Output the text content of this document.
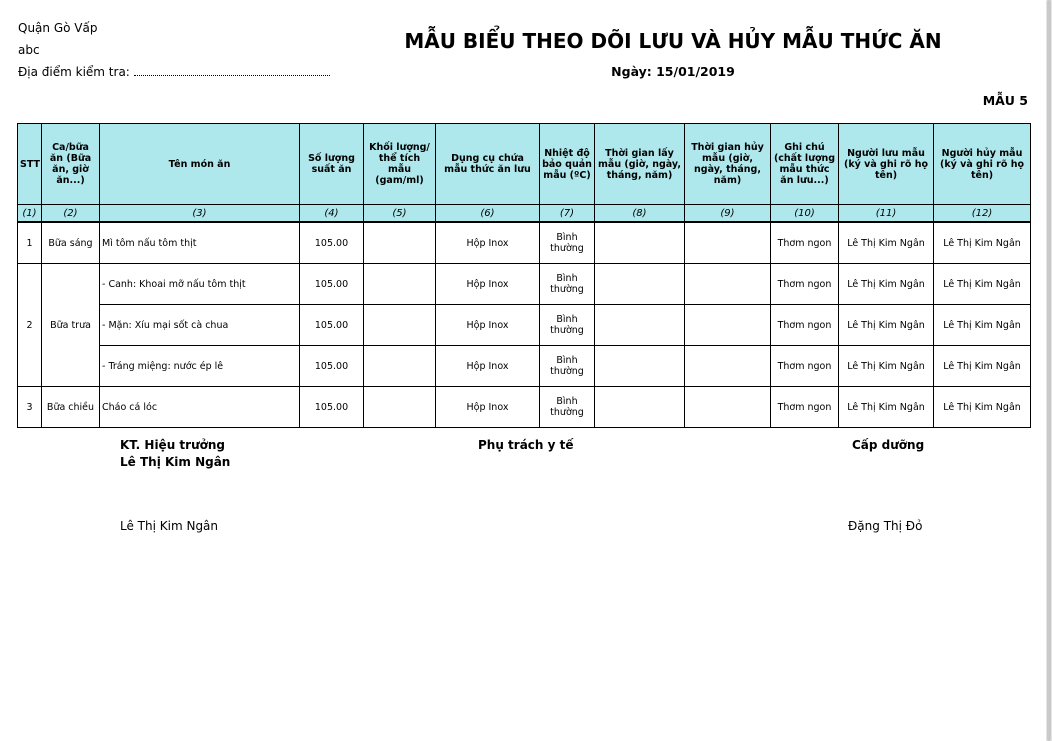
Quận Gò Vấp
abc
Địa điểm kiểm tra:
MẪU BIỂU THEO DÕI LƯU VÀ HỦY MẪU THỨC ĂN
Ngày: 15/01/2019
MẪU 5
STT	Ca/bữa ăn (Bữa ăn, giờ ăn...)	Tên món ăn	Số lượng suất ăn	Khối lượng/ thể tích mẫu (gam/ml)	Dụng cụ chứa mẫu thức ăn lưu	Nhiệt độ bảo quản mẫu (ºC)	Thời gian lấy mẫu (giờ, ngày, tháng, năm)	Thời gian hủy mẫu (giờ, ngày, tháng, năm)	Ghi chú (chất lượng mẫu thức ăn lưu...)	Người lưu mẫu (ký và ghi rõ họ tên)	Người hủy mẫu (ký và ghi rõ họ tên)
(1)	(2)	(3)	(4)	(5)	(6)	(7)	(8)	(9)	(10)	(11)	(12)
1	Bữa sáng	Mì tôm nấu tôm thịt	105.00		Hộp Inox	Bình thường			Thơm ngon	Lê Thị Kim Ngân	Lê Thị Kim Ngân
2	Bữa trưa	- Canh: Khoai mỡ nấu tôm thịt	105.00		Hộp Inox	Bình thường			Thơm ngon	Lê Thị Kim Ngân	Lê Thị Kim Ngân
		- Mặn: Xíu mại sốt cà chua	105.00		Hộp Inox	Bình thường			Thơm ngon	Lê Thị Kim Ngân	Lê Thị Kim Ngân
		- Tráng miệng: nước ép lê	105.00		Hộp Inox	Bình thường			Thơm ngon	Lê Thị Kim Ngân	Lê Thị Kim Ngân
3	Bữa chiều	Cháo cá lóc	105.00		Hộp Inox	Bình thường			Thơm ngon	Lê Thị Kim Ngân	Lê Thị Kim Ngân
KT. Hiệu trưởng
Lê Thị Kim Ngân
Lê Thị Kim Ngân
Phụ trách y tế	Cấp dưỡng
Đặng Thị Đỏ
